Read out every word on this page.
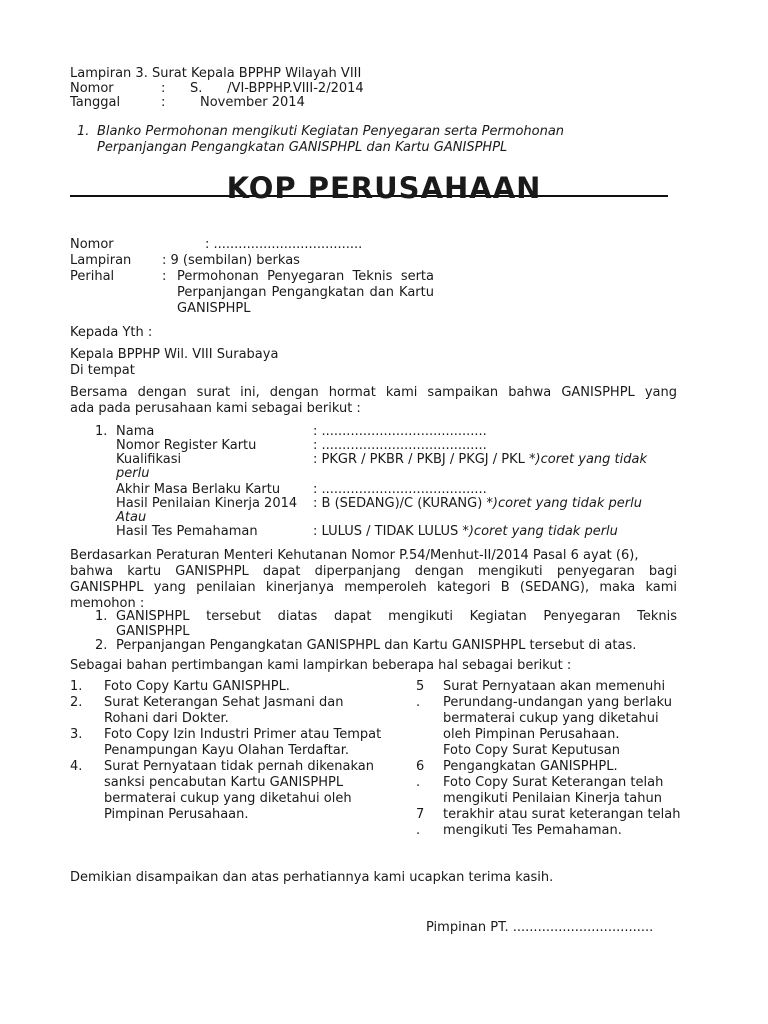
Lampiran 3. Surat Kepala BPPHP Wilayah VIII
Nomor	: S.      /VI-BPPHP.VIII-2/2014
Tanggal	:	November 2014
1. Blanko Permohonan mengikuti Kegiatan Penyegaran serta Permohonan
Perpanjangan Pengangkatan GANISPHPL dan Kartu GANISPHPL
KOP PERUSAHAAN
Nomor	: ....................................
Lampiran : 9 (sembilan) berkas
Perihal	: Permohonan Penyegaran Teknis serta
Perpanjangan Pengangkatan dan Kartu
GANISPHPL
Kepada Yth :
Kepala BPPHP Wil. VIII Surabaya
Di tempat
Bersama dengan surat ini, dengan hormat kami sampaikan bahwa GANISPHPL yang
ada pada perusahaan kami sebagai berikut :
1. Nama	: ........................................
Nomor Register Kartu	: ........................................
Kualifikasi	: PKGR / PKBR / PKBJ / PKGJ / PKL *)coret yang tidak
perlu
Akhir Masa Berlaku Kartu	: ........................................
Hasil Penilaian Kinerja 2014 : B (SEDANG)/C (KURANG) *)coret yang tidak perlu
Atau
Hasil Tes Pemahaman	: LULUS / TIDAK LULUS *)coret yang tidak perlu
Berdasarkan Peraturan Menteri Kehutanan Nomor P.54/Menhut-II/2014 Pasal 6 ayat (6),
bahwa kartu GANISPHPL dapat diperpanjang dengan mengikuti penyegaran bagi
GANISPHPL yang penilaian kinerjanya memperoleh kategori B (SEDANG), maka kami
memohon :
1. GANISPHPL tersebut diatas dapat mengikuti Kegiatan Penyegaran Teknis
GANISPHPL
2. Perpanjangan Pengangkatan GANISPHPL dan Kartu GANISPHPL tersebut di atas.
Sebagai bahan pertimbangan kami lampirkan beberapa hal sebagai berikut :
1. Foto Copy Kartu GANISPHPL.
2. Surat Keterangan Sehat Jasmani dan
Rohani dari Dokter.
3. Foto Copy Izin Industri Primer atau Tempat
Penampungan Kayu Olahan Terdaftar.
4. Surat Pernyataan tidak pernah dikenakan
sanksi pencabutan Kartu GANISPHPL
bermaterai cukup yang diketahui oleh
Pimpinan Perusahaan.
5
.
6
.
7
.
Surat Pernyataan akan memenuhi
Perundang-undangan yang berlaku
bermaterai cukup yang diketahui
oleh Pimpinan Perusahaan.
Foto Copy Surat Keputusan
Pengangkatan GANISPHPL.
Foto Copy Surat Keterangan telah
mengikuti Penilaian Kinerja tahun
terakhir atau surat keterangan telah
mengikuti Tes Pemahaman.
Demikian disampaikan dan atas perhatiannya kami ucapkan terima kasih.
Pimpinan PT. ..................................
